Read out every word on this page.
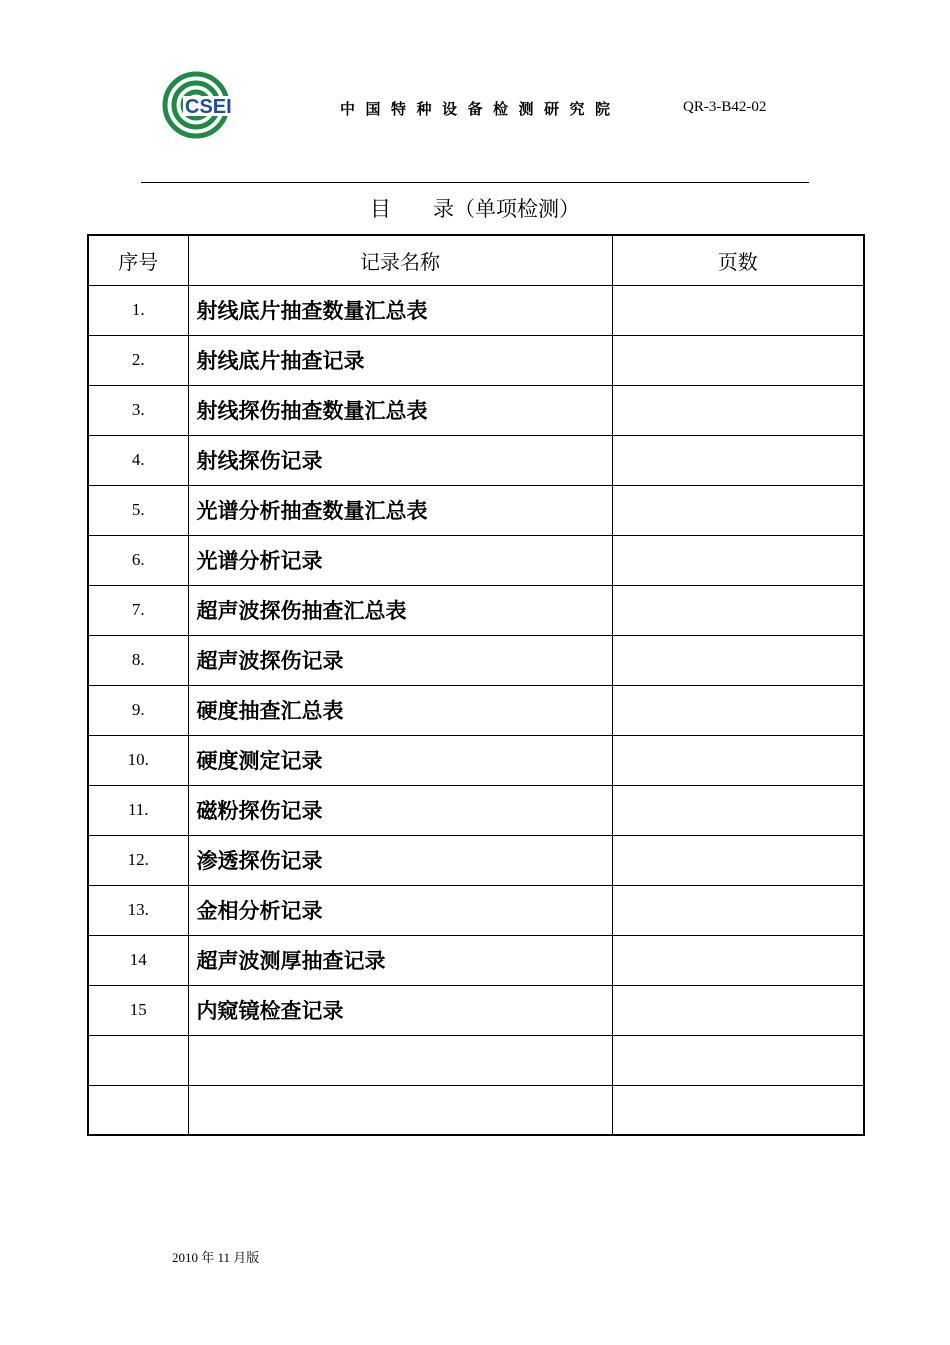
CSEI	中国特种设备检测研究院	QR-3-B42-02
目　　录（单项检测）
序号	记录名称	页数
1.	射线底片抽查数量汇总表	
2.	射线底片抽查记录	
3.	射线探伤抽查数量汇总表	
4.	射线探伤记录	
5.	光谱分析抽查数量汇总表	
6.	光谱分析记录	
7.	超声波探伤抽查汇总表	
8.	超声波探伤记录	
9.	硬度抽查汇总表	
10.	硬度测定记录	
11.	磁粉探伤记录	
12.	渗透探伤记录	
13.	金相分析记录	
14	超声波测厚抽查记录	
15	内窥镜检查记录	

2010 年 11 月版
